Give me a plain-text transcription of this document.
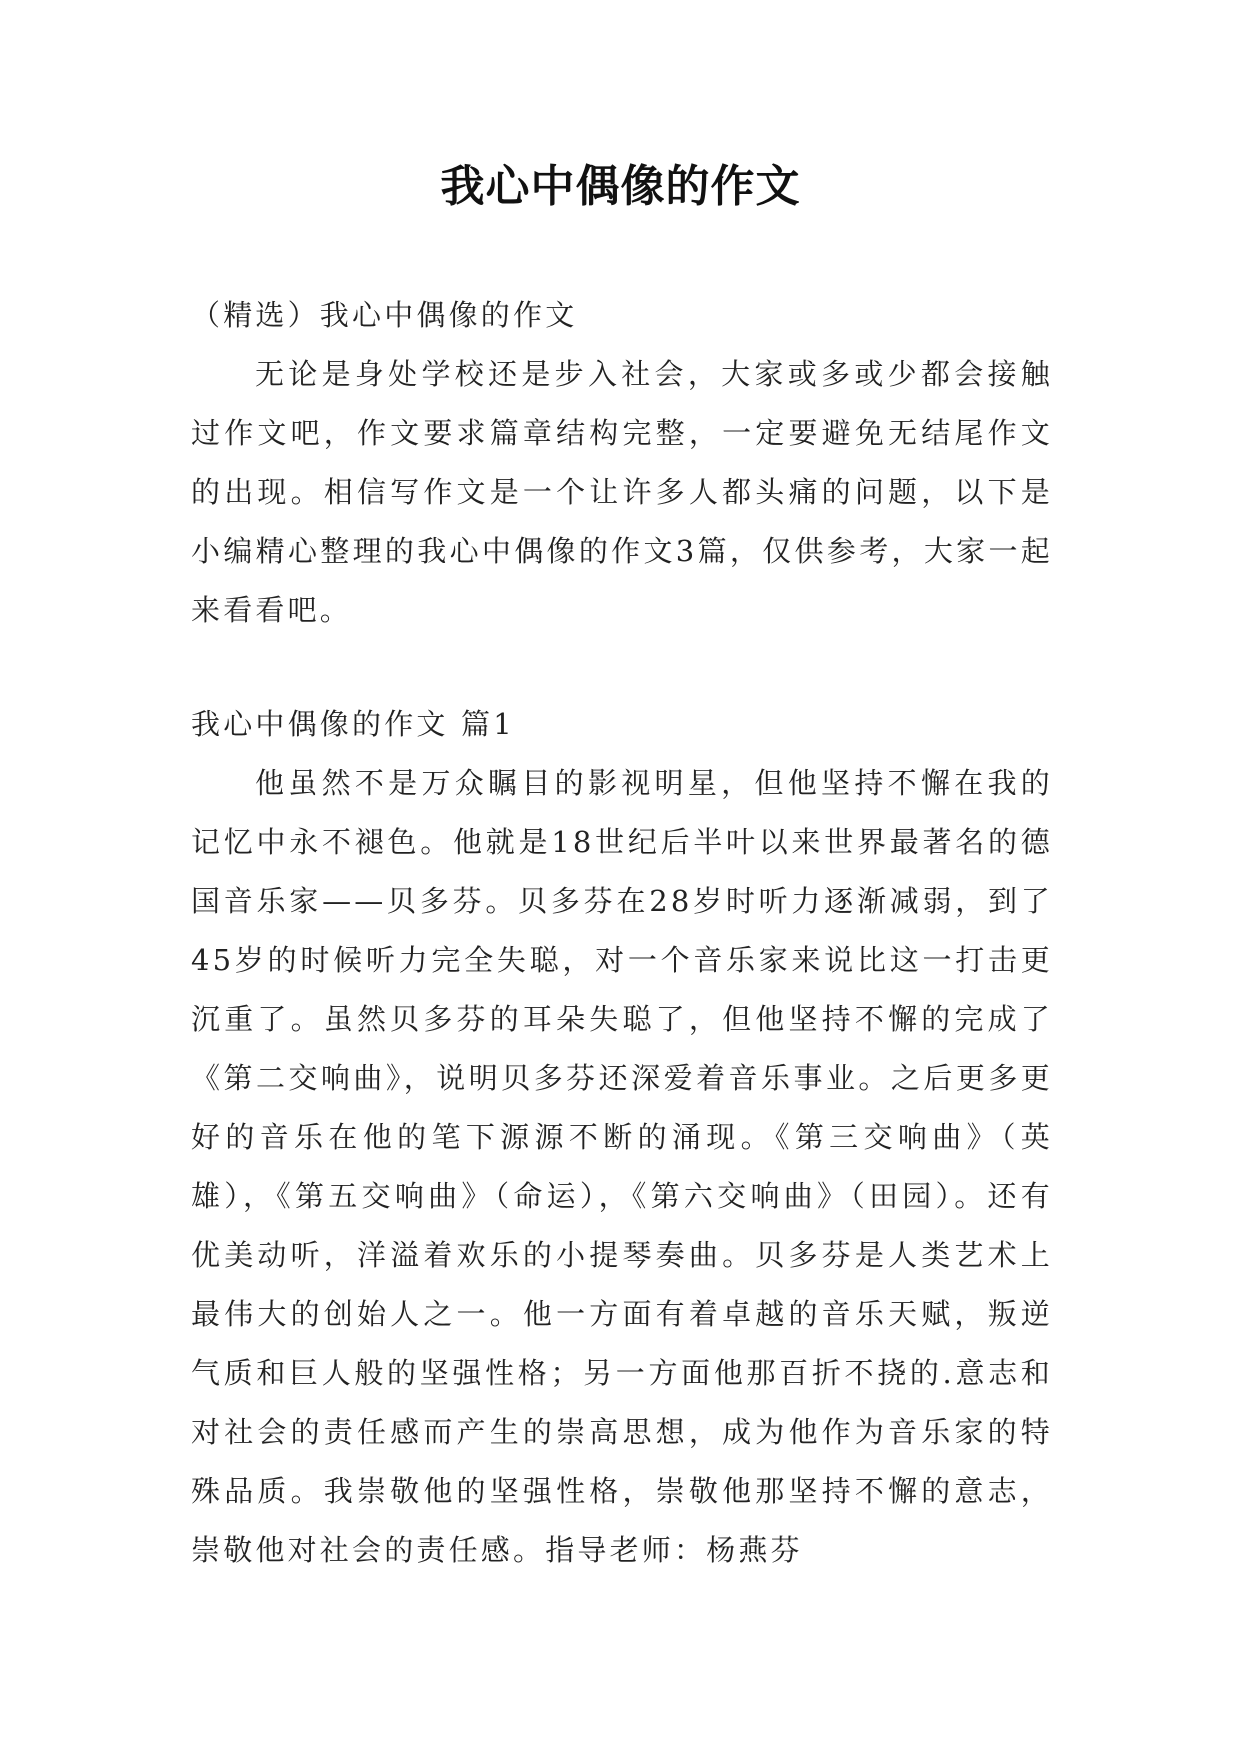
我心中偶像的作文

（精选）我心中偶像的作文

无论是身处学校还是步入社会，大家或多或少都会接触过作文吧，作文要求篇章结构完整，一定要避免无结尾作文的出现。相信写作文是一个让许多人都头痛的问题，以下是小编精心整理的我心中偶像的作文3篇，仅供参考，大家一起来看看吧。

我心中偶像的作文 篇1

他虽然不是万众瞩目的影视明星，但他坚持不懈在我的记忆中永不褪色。他就是18世纪后半叶以来世界最著名的德国音乐家——贝多芬。贝多芬在28岁时听力逐渐减弱，到了45岁的时候听力完全失聪，对一个音乐家来说比这一打击更沉重了。虽然贝多芬的耳朵失聪了，但他坚持不懈的完成了《第二交响曲》，说明贝多芬还深爱着音乐事业。之后更多更好的音乐在他的笔下源源不断的涌现。《第三交响曲》（英雄），《第五交响曲》（命运），《第六交响曲》（田园）。还有优美动听，洋溢着欢乐的小提琴奏曲。贝多芬是人类艺术上最伟大的创始人之一。他一方面有着卓越的音乐天赋，叛逆气质和巨人般的坚强性格；另一方面他那百折不挠的.意志和对社会的责任感而产生的崇高思想，成为他作为音乐家的特殊品质。我崇敬他的坚强性格，崇敬他那坚持不懈的意志，崇敬他对社会的责任感。指导老师：杨燕芬
